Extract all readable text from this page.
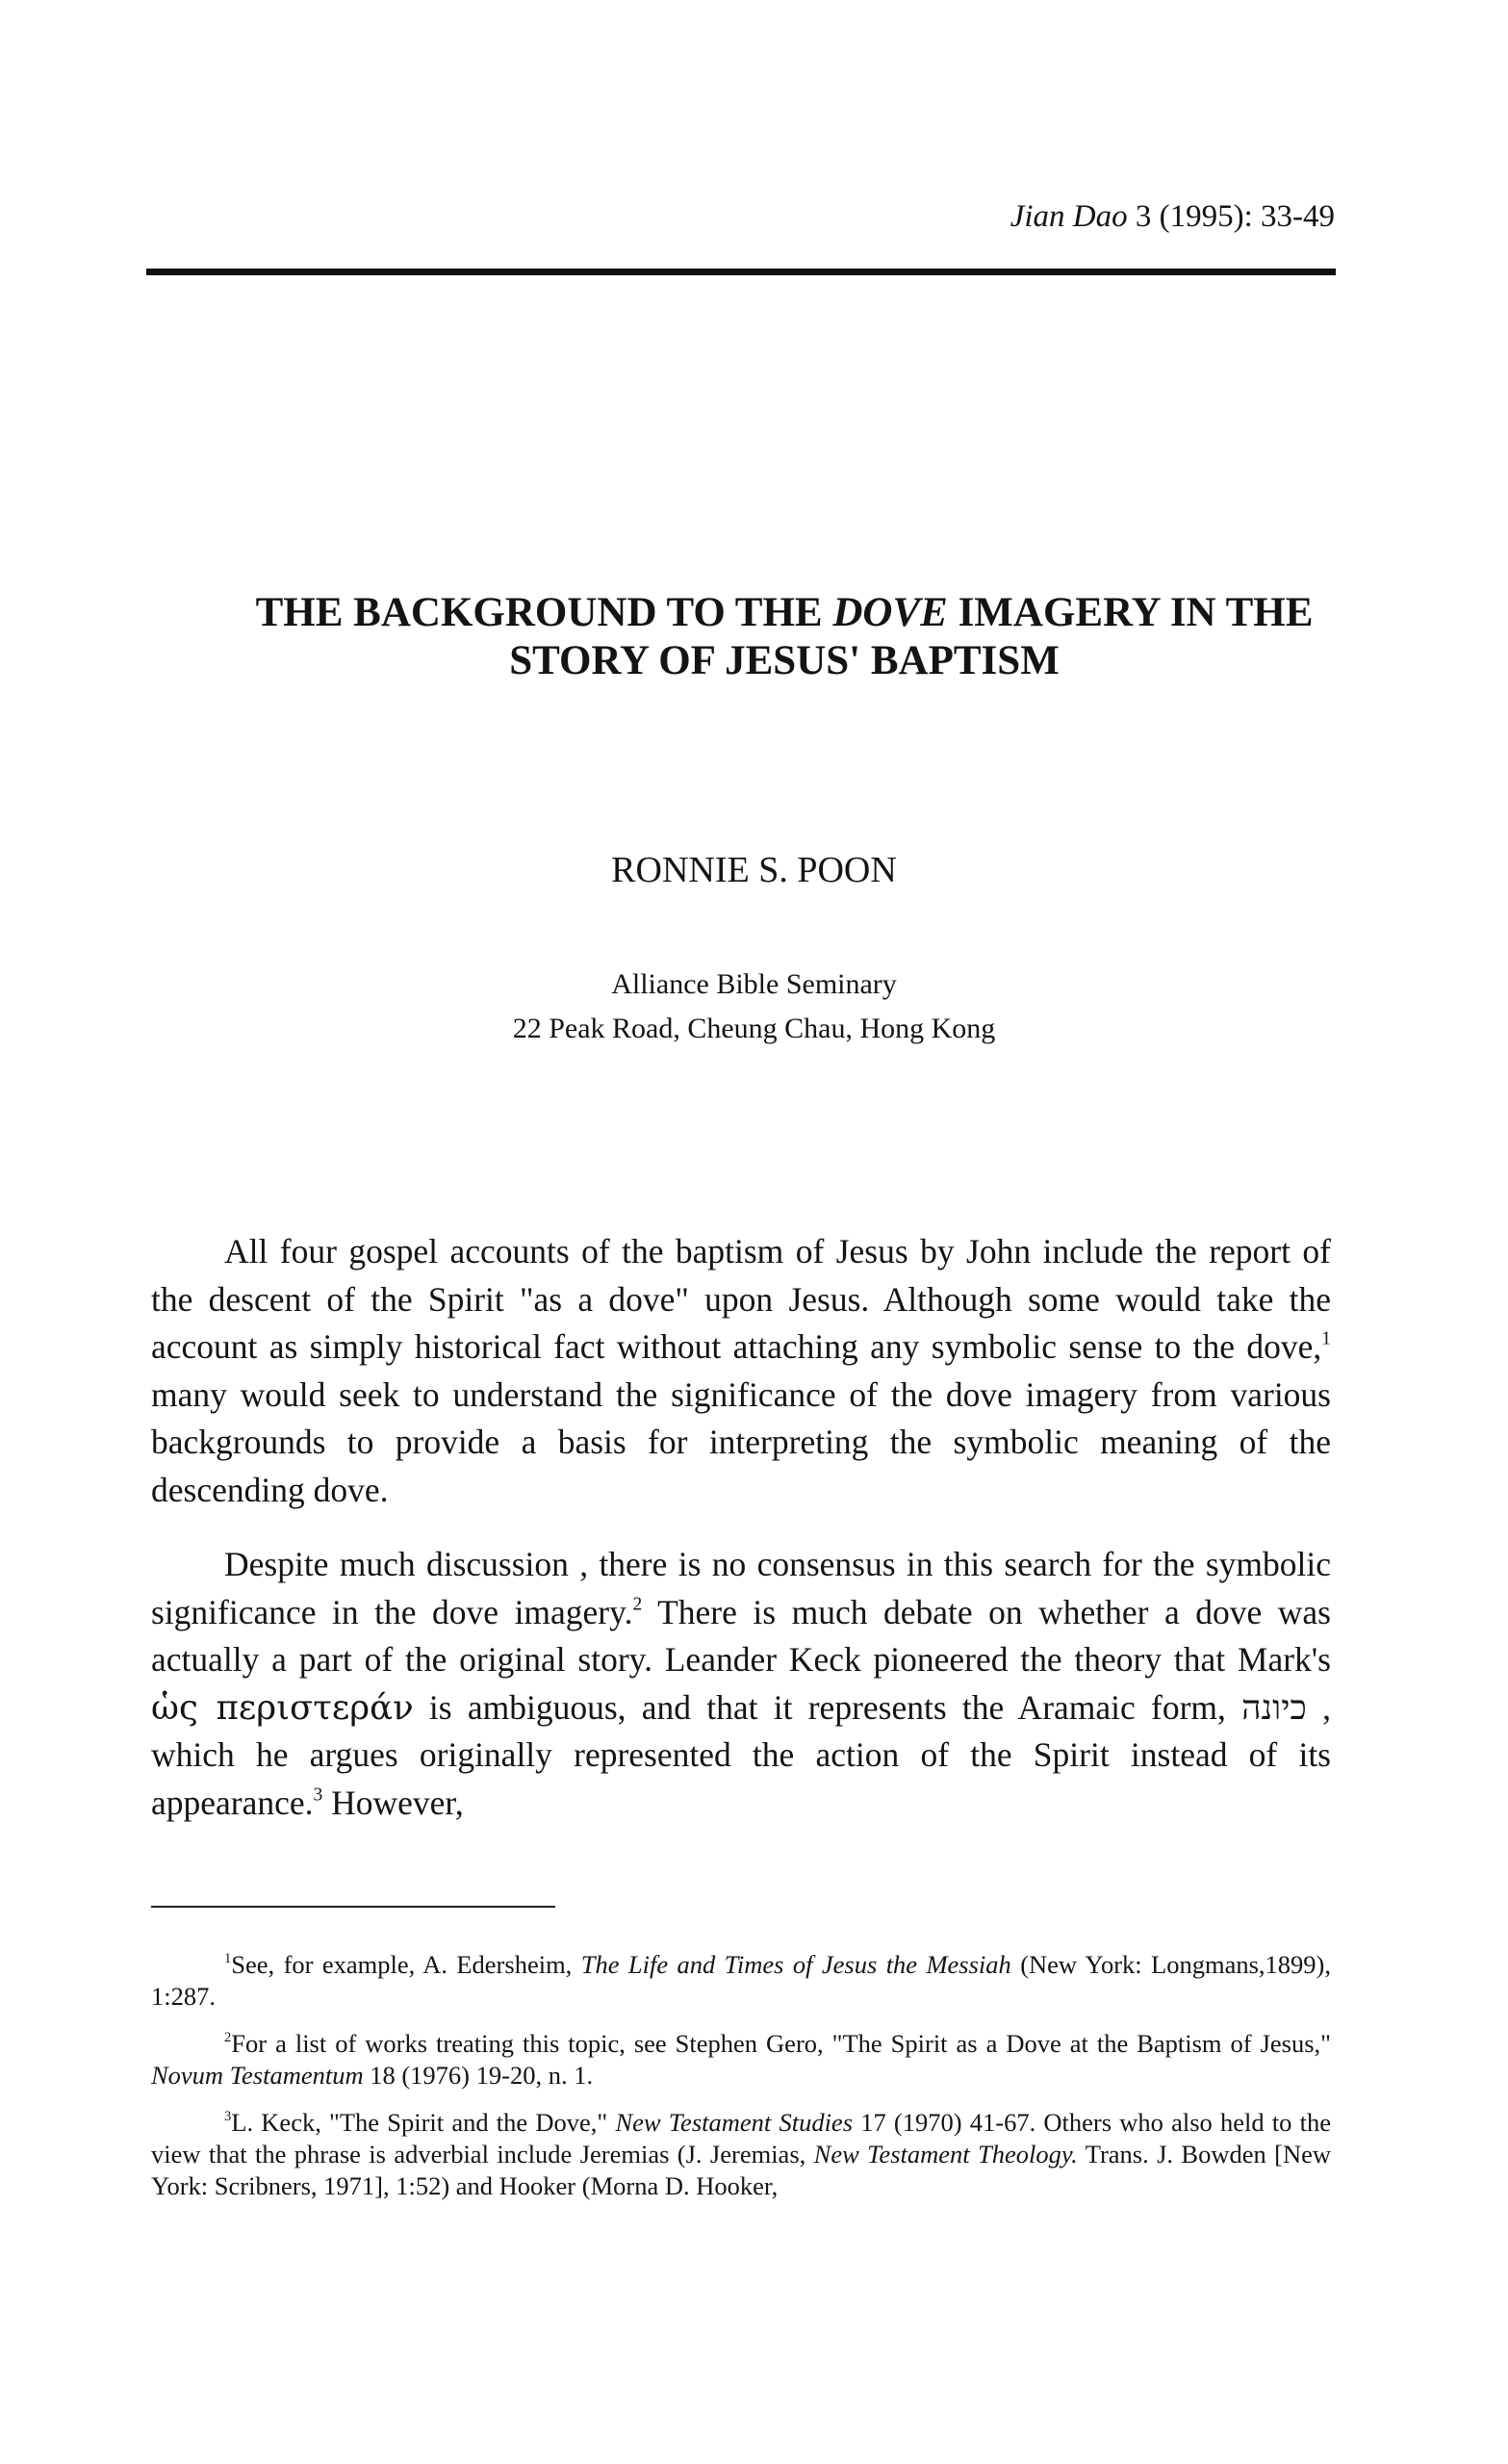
Jian Dao 3 (1995): 33-49
THE BACKGROUND TO THE DOVE IMAGERY IN THE
STORY OF JESUS' BAPTISM
RONNIE S. POON
Alliance Bible Seminary
22 Peak Road, Cheung Chau, Hong Kong

All four gospel accounts of the baptism of Jesus by John include the report of the descent of the Spirit "as a dove" upon Jesus. Although some would take the account as simply historical fact without attaching any symbolic sense to the dove,$^1$ many would seek to understand the significance of the dove imagery from various backgrounds to provide a basis for interpreting the symbolic meaning of the descending dove.

Despite much discussion , there is no consensus in this search for the symbolic significance in the dove imagery.$^2$ There is much debate on whether a dove was actually a part of the original story. Leander Keck pioneered the theory that Mark's ὡς περιστεράν is ambiguous, and that it represents the Aramaic form, כיונה , which he argues originally represented the action of the Spirit instead of its appearance.$^3$ However,

$^1$See, for example, A. Edersheim, The Life and Times of Jesus the Messiah (New York: Longmans,1899), 1:287.

$^2$For a list of works treating this topic, see Stephen Gero, "The Spirit as a Dove at the Baptism of Jesus," Novum Testamentum 18 (1976) 19-20, n. 1.

$^3$L. Keck, "The Spirit and the Dove," New Testament Studies 17 (1970) 41-67. Others who also held to the view that the phrase is adverbial include Jeremias (J. Jeremias, New Testament Theology. Trans. J. Bowden [New York: Scribners, 1971], 1:52) and Hooker (Morna D. Hooker,
